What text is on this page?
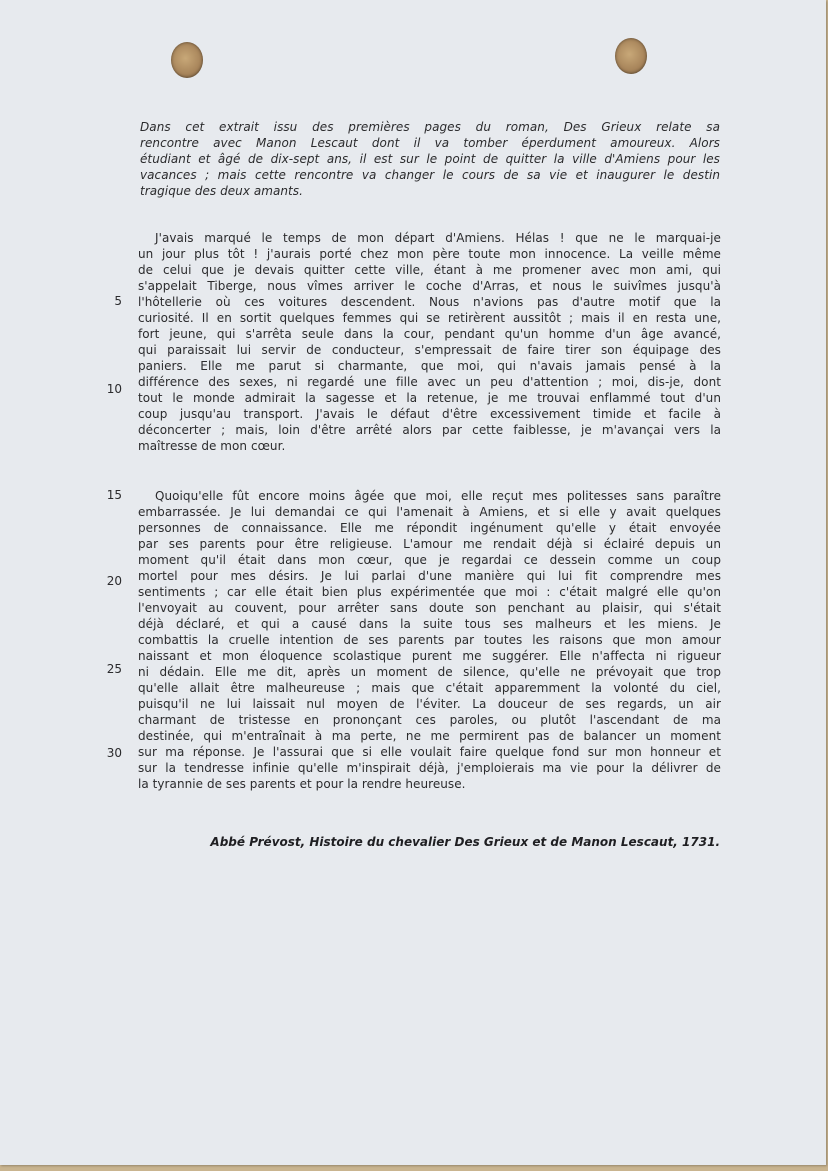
Dans cet extrait issu des premières pages du roman, Des Grieux relate sa
rencontre avec Manon Lescaut dont il va tomber éperdument amoureux. Alors
étudiant et âgé de dix-sept ans, il est sur le point de quitter la ville d'Amiens pour les
vacances ; mais cette rencontre va changer le cours de sa vie et inaugurer le destin
tragique des deux amants.
J'avais marqué le temps de mon départ d'Amiens. Hélas ! que ne le marquai-je
un jour plus tôt ! j'aurais porté chez mon père toute mon innocence. La veille même
de celui que je devais quitter cette ville, étant à me promener avec mon ami, qui
s'appelait Tiberge, nous vîmes arriver le coche d'Arras, et nous le suivîmes jusqu'à
l'hôtellerie où ces voitures descendent. Nous n'avions pas d'autre motif que la
curiosité. Il en sortit quelques femmes qui se retirèrent aussitôt ; mais il en resta une,
fort jeune, qui s'arrêta seule dans la cour, pendant qu'un homme d'un âge avancé,
qui paraissait lui servir de conducteur, s'empressait de faire tirer son équipage des
paniers. Elle me parut si charmante, que moi, qui n'avais jamais pensé à la
différence des sexes, ni regardé une fille avec un peu d'attention ; moi, dis-je, dont
tout le monde admirait la sagesse et la retenue, je me trouvai enflammé tout d'un
coup jusqu'au transport. J'avais le défaut d'être excessivement timide et facile à
déconcerter ; mais, loin d'être arrêté alors par cette faiblesse, je m'avançai vers la
maîtresse de mon cœur.
Quoiqu'elle fût encore moins âgée que moi, elle reçut mes politesses sans paraître
embarrassée. Je lui demandai ce qui l'amenait à Amiens, et si elle y avait quelques
personnes de connaissance. Elle me répondit ingénument qu'elle y était envoyée
par ses parents pour être religieuse. L'amour me rendait déjà si éclairé depuis un
moment qu'il était dans mon cœur, que je regardai ce dessein comme un coup
mortel pour mes désirs. Je lui parlai d'une manière qui lui fit comprendre mes
sentiments ; car elle était bien plus expérimentée que moi : c'était malgré elle qu'on
l'envoyait au couvent, pour arrêter sans doute son penchant au plaisir, qui s'était
déjà déclaré, et qui a causé dans la suite tous ses malheurs et les miens. Je
combattis la cruelle intention de ses parents par toutes les raisons que mon amour
naissant et mon éloquence scolastique purent me suggérer. Elle n'affecta ni rigueur
ni dédain. Elle me dit, après un moment de silence, qu'elle ne prévoyait que trop
qu'elle allait être malheureuse ; mais que c'était apparemment la volonté du ciel,
puisqu'il ne lui laissait nul moyen de l'éviter. La douceur de ses regards, un air
charmant de tristesse en prononçant ces paroles, ou plutôt l'ascendant de ma
destinée, qui m'entraînait à ma perte, ne me permirent pas de balancer un moment
sur ma réponse. Je l'assurai que si elle voulait faire quelque fond sur mon honneur et
sur la tendresse infinie qu'elle m'inspirait déjà, j'emploierais ma vie pour la délivrer de
la tyrannie de ses parents et pour la rendre heureuse.
5
10
15
20
25
30
Abbé Prévost, Histoire du chevalier Des Grieux et de Manon Lescaut, 1731.
